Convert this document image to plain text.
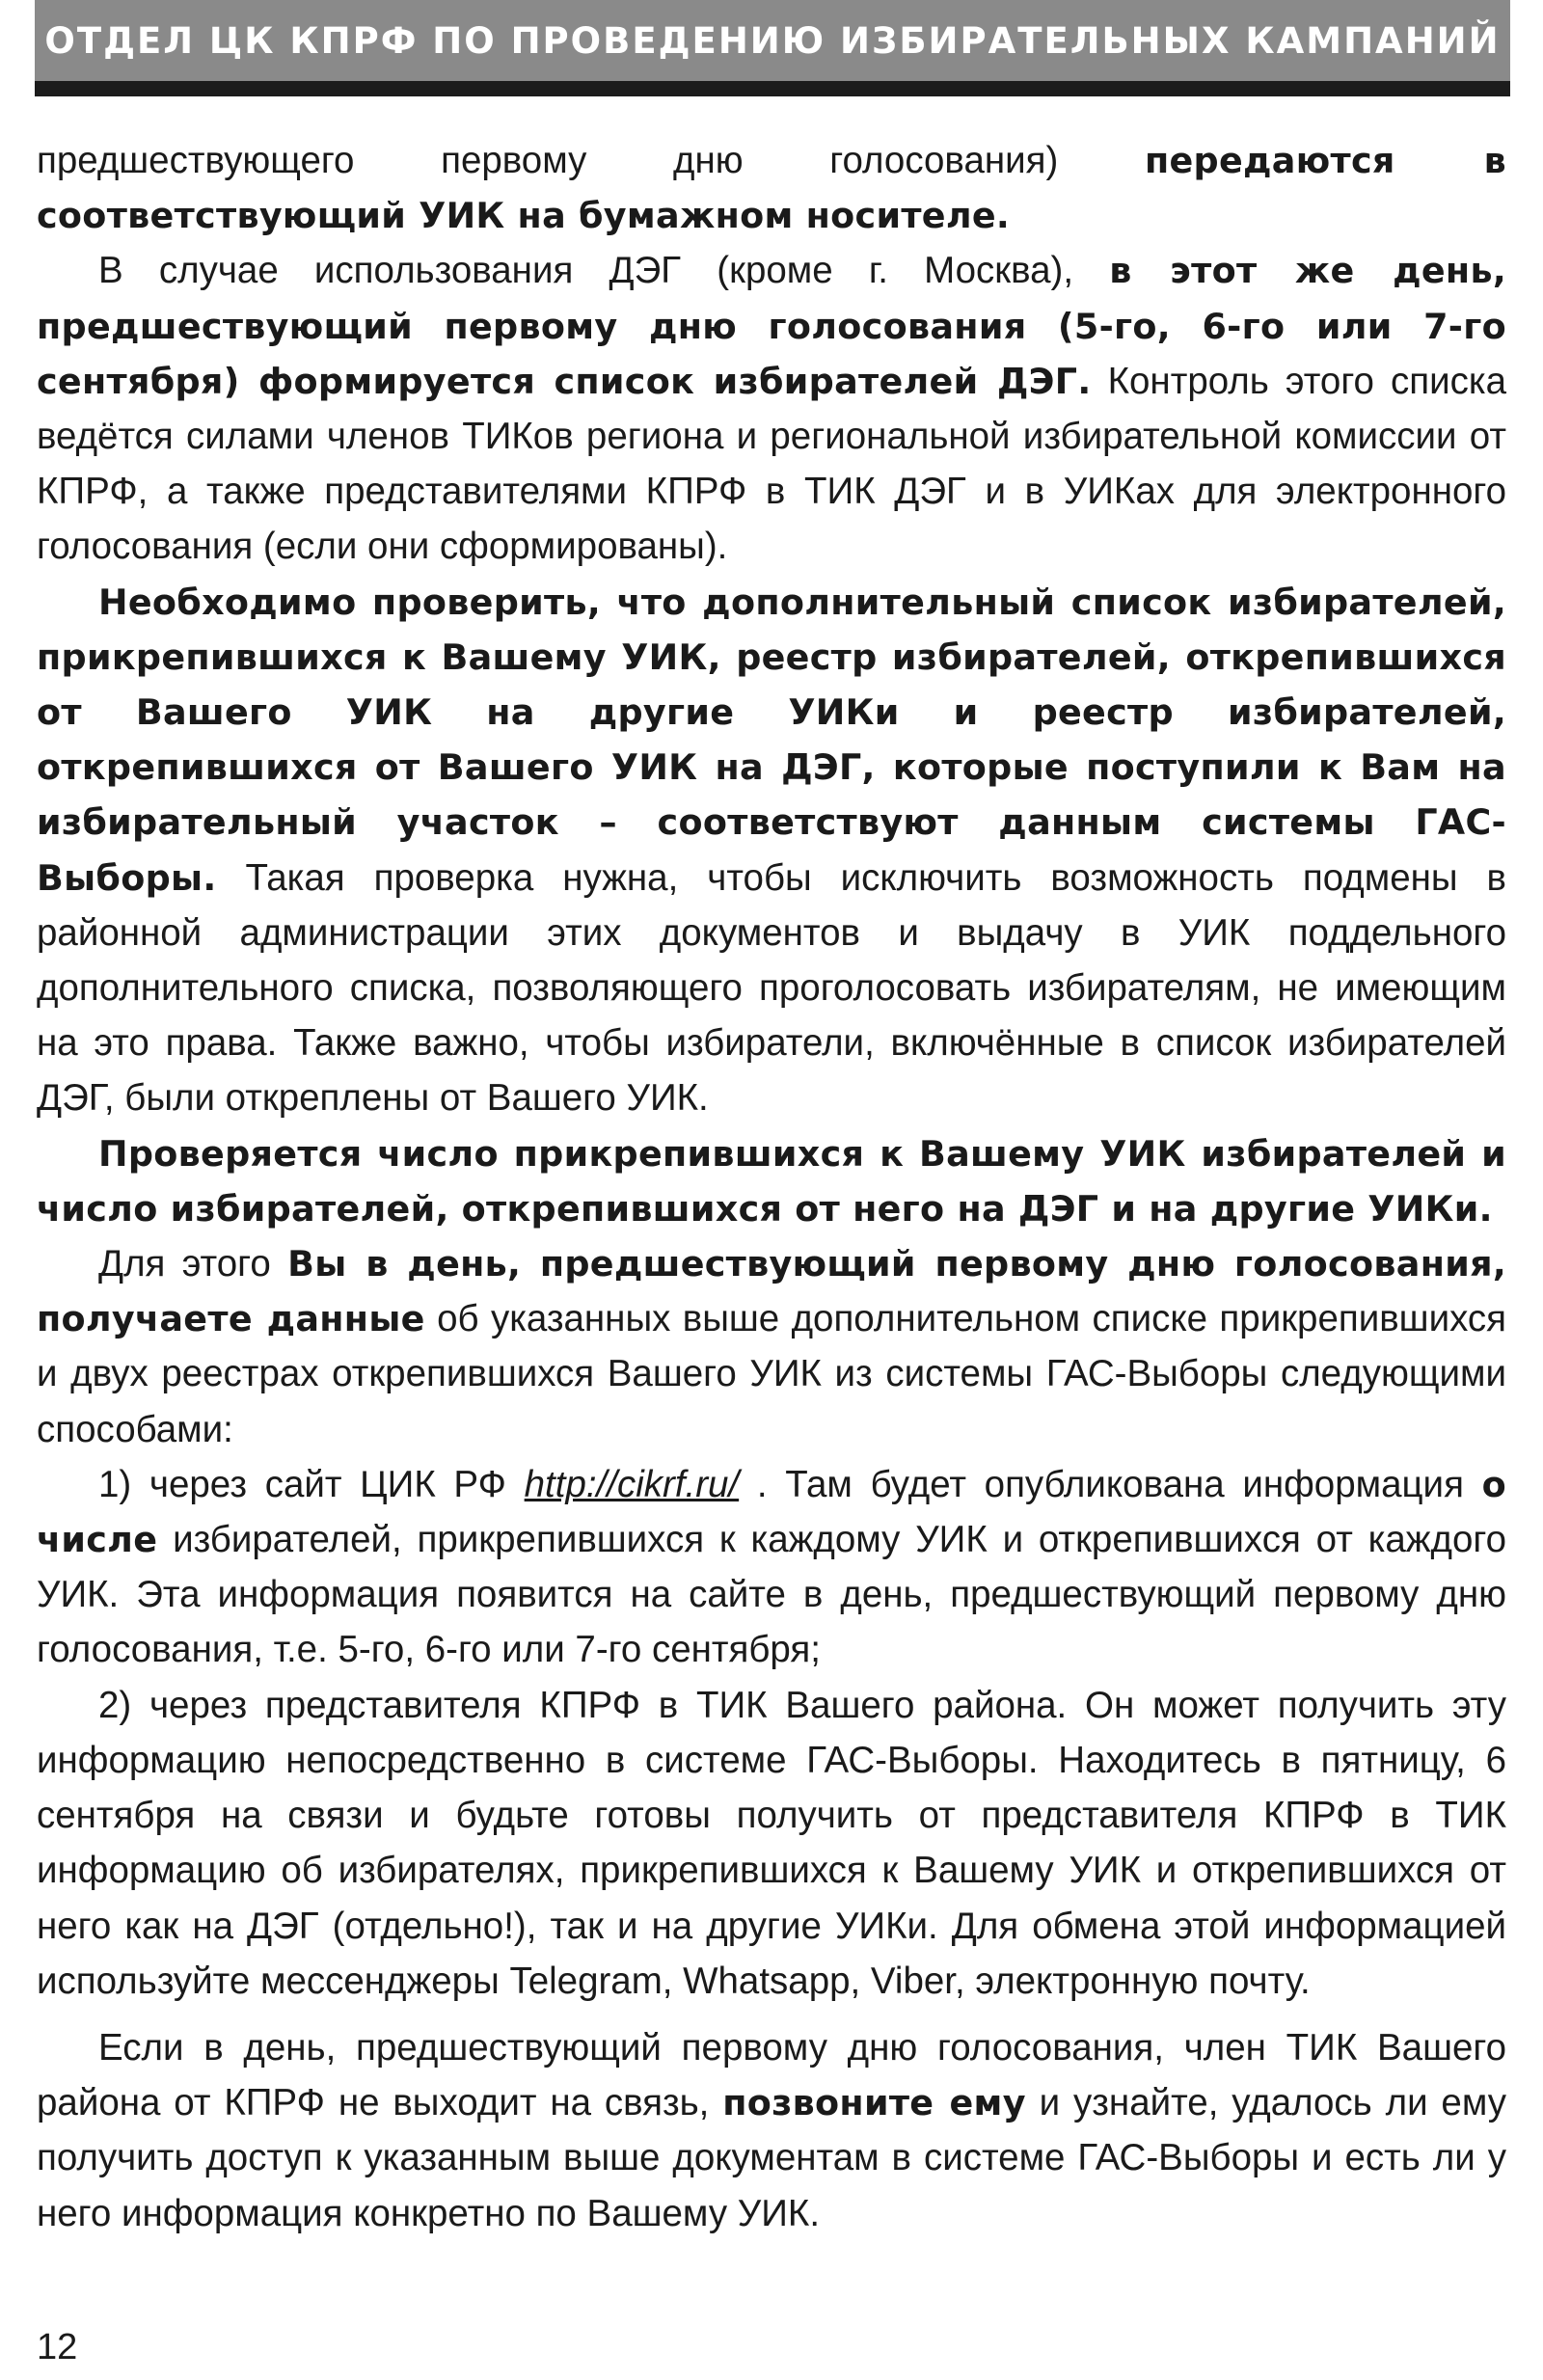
ОТДЕЛ ЦК КПРФ ПО ПРОВЕДЕНИЮ ИЗБИРАТЕЛЬНЫХ КАМПАНИЙ

предшествующего первому дню голосования) передаются в соответствующий УИК на бумажном носителе.

В случае использования ДЭГ (кроме г. Москва), в этот же день, предшествующий первому дню голосования (5-го, 6-го или 7-го сентября) формируется список избирателей ДЭГ. Контроль этого списка ведётся силами членов ТИКов региона и региональной избирательной комиссии от КПРФ, а также представителями КПРФ в ТИК ДЭГ и в УИКах для электронного голосования (если они сформированы).

Необходимо проверить, что дополнительный список избирателей, прикрепившихся к Вашему УИК, реестр избирателей, открепившихся от Вашего УИК на другие УИКи и реестр избирателей, открепившихся от Вашего УИК на ДЭГ, которые поступили к Вам на избирательный участок – соответствуют данным системы ГАС-Выборы. Такая проверка нужна, чтобы исключить возможность подмены в районной администрации этих документов и выдачу в УИК поддельного дополнительного списка, позволяющего проголосовать избирателям, не имеющим на это права. Также важно, чтобы избиратели, включённые в список избирателей ДЭГ, были откреплены от Вашего УИК.

Проверяется число прикрепившихся к Вашему УИК избирателей и число избирателей, открепившихся от него на ДЭГ и на другие УИКи.

Для этого Вы в день, предшествующий первому дню голосования, получаете данные об указанных выше дополнительном списке прикрепившихся и двух реестрах открепившихся Вашего УИК из системы ГАС-Выборы следующими способами:

1) через сайт ЦИК РФ http://cikrf.ru/ . Там будет опубликована информация о числе избирателей, прикрепившихся к каждому УИК и открепившихся от каждого УИК. Эта информация появится на сайте в день, предшествующий первому дню голосования, т.е. 5-го, 6-го или 7-го сентября;

2) через представителя КПРФ в ТИК Вашего района. Он может получить эту информацию непосредственно в системе ГАС-Выборы. Находитесь в пятницу, 6 сентября на связи и будьте готовы получить от представителя КПРФ в ТИК информацию об избирателях, прикрепившихся к Вашему УИК и открепившихся от него как на ДЭГ (отдельно!), так и на другие УИКи. Для обмена этой информацией используйте мессенджеры Telegram, Whatsapp, Viber, электронную почту.

Если в день, предшествующий первому дню голосования, член ТИК Вашего района от КПРФ не выходит на связь, позвоните ему и узнайте, удалось ли ему получить доступ к указанным выше документам в системе ГАС-Выборы и есть ли у него информация конкретно по Вашему УИК.

12
